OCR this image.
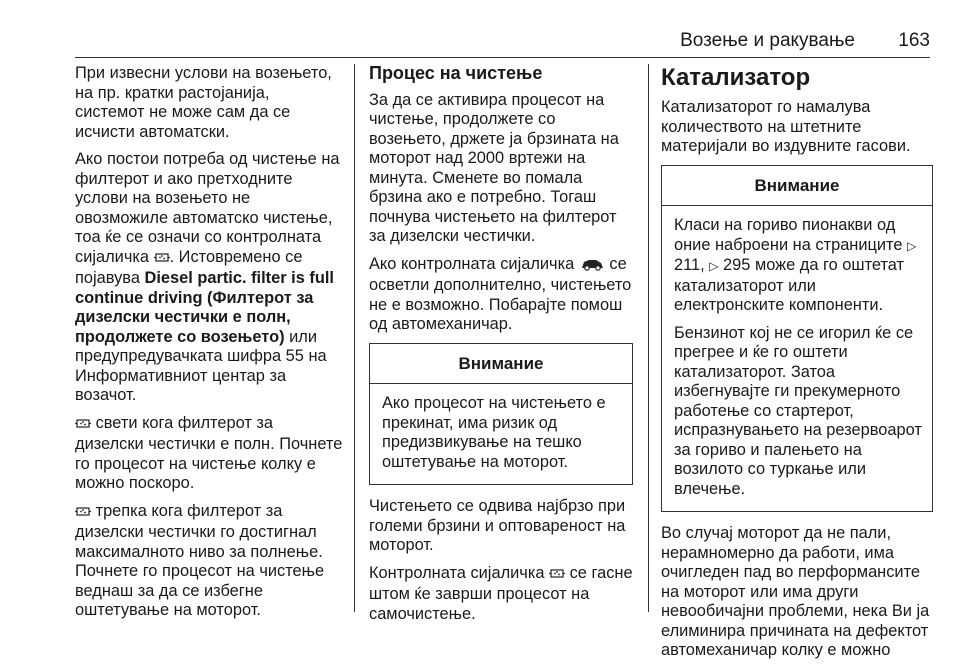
Возење и ракување 163

При извесни услови на возењето, на пр. кратки растојанија, системот не може сам да се исчисти автоматски.

Ако постои потреба од чистење на филтерот и ако претходните услови на возењето не овозможиле автоматско чистење, тоа ќе се означи со контролната сијаличка . Истовремено се појавува Diesel partic. filter is full continue driving (Филтерот за дизелски честички е полн, продолжете со возењето) или предупредувачката шифра 55 на Информативниот центар за возачот.

свети кога филтерот за дизелски честички е полн. Почнете го процесот на чистење колку е можно поскоро.

трепка кога филтерот за дизелски честички го достигнал максималното ниво за полнење. Почнете го процесот на чистење веднаш за да се избегне оштетување на моторот.

Процес на чистење

За да се активира процесот на чистење, продолжете со возењето, држете ја брзината на моторот над 2000 вртежи на минута. Сменете во помала брзина ако е потребно. Тогаш почнува чистењето на филтерот за дизелски честички.

Ако контролната сијаличка се осветли дополнително, чистењето не е возможно. Побарајте помош од автомеханичар.

Внимание

Ако процесот на чистењето е прекинат, има ризик од предизвикување на тешко оштетување на моторот.

Чистењето се одвива најбрзо при големи брзини и оптовареност на моторот.

Контролната сијаличка се гасне штом ќе заврши процесот на самочистење.

Катализатор

Катализаторот го намалува количеството на штетните материјали во издувните гасови.

Внимание

Класи на гориво пионакви од оние наброени на страниците ▷ 211, ▷ 295 може да го оштетат катализаторот или електронските компоненти.

Бензинот кој не се игорил ќе се прегрее и ќе го оштети катализаторот. Затоа избегнувајте ги прекумерното работење со стартерот, испразнувањето на резервоарот за гориво и палењето на возилото со туркање или влечење.

Во случај моторот да не пали, нерамномерно да работи, има очигледен пад во перформансите на моторот или има други невообичајни проблеми, нека Ви ја елиминира причината на дефектот автомеханичар колку е можно
